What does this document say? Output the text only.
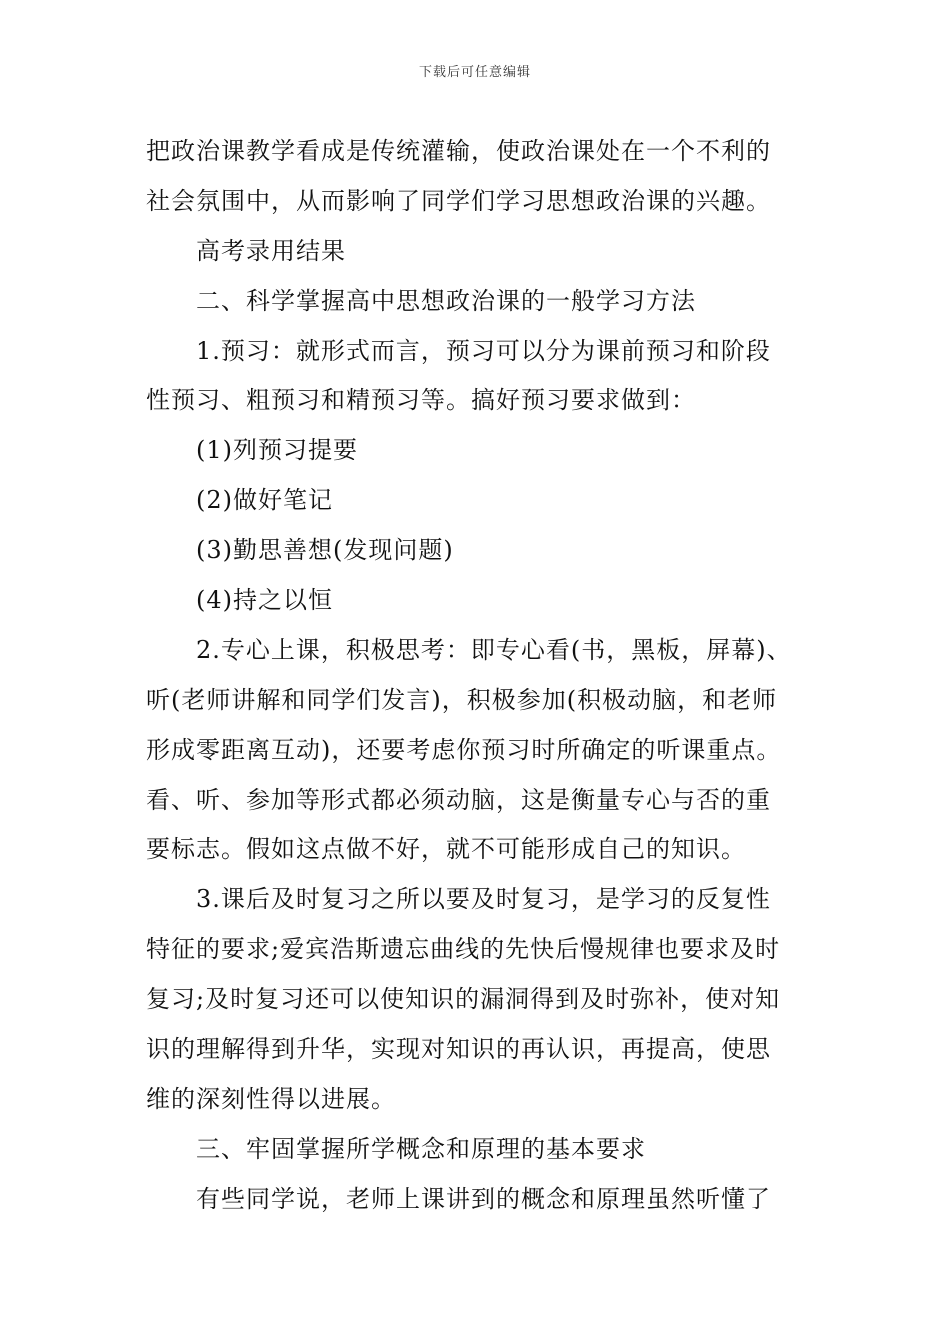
下载后可任意编辑
把政治课教学看成是传统灌输，使政治课处在一个不利的
社会氛围中，从而影响了同学们学习思想政治课的兴趣。
高考录用结果
二、科学掌握高中思想政治课的一般学习方法
1.预习：就形式而言，预习可以分为课前预习和阶段
性预习、粗预习和精预习等。搞好预习要求做到：
(1)列预习提要
(2)做好笔记
(3)勤思善想(发现问题)
(4)持之以恒
2.专心上课，积极思考：即专心看(书，黑板，屏幕)、
听(老师讲解和同学们发言)，积极参加(积极动脑，和老师
形成零距离互动)，还要考虑你预习时所确定的听课重点。
看、听、参加等形式都必须动脑，这是衡量专心与否的重
要标志。假如这点做不好，就不可能形成自己的知识。
3.课后及时复习之所以要及时复习，是学习的反复性
特征的要求;爱宾浩斯遗忘曲线的先快后慢规律也要求及时
复习;及时复习还可以使知识的漏洞得到及时弥补，使对知
识的理解得到升华，实现对知识的再认识，再提高，使思
维的深刻性得以进展。
三、牢固掌握所学概念和原理的基本要求
有些同学说，老师上课讲到的概念和原理虽然听懂了
